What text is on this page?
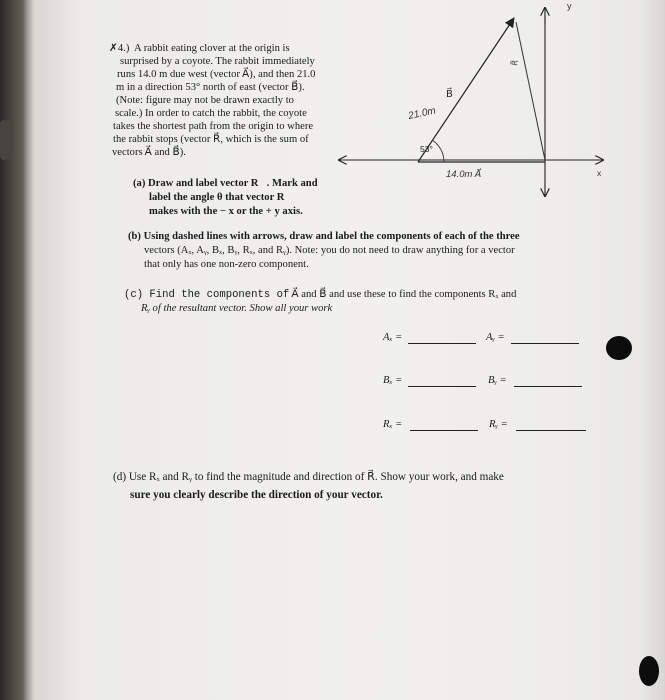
✗4.) A rabbit eating clover at the origin is
surprised by a coyote. The rabbit immediately
runs 14.0 m due west (vector A⃗), and then 21.0
m in a direction 53° north of east (vector B⃗).
(Note: figure may not be drawn exactly to
scale.) In order to catch the rabbit, the coyote
takes the shortest path from the origin to where
the rabbit stops (vector R⃗, which is the sum of
vectors A⃗ and B⃗).
(a) Draw and label vector R⃗. Mark and
label the angle θ that vector R⃗
makes with the − x or the + y axis.
(b) Using dashed lines with arrows, draw and label the components of each of the three
vectors (Aₓ, Aᵧ, Bₓ, Bᵧ, Rₓ, and Rᵧ). Note: you do not need to draw anything for a vector
that only has one non-zero component.
(c) Find the components of A⃗ and B⃗ and use these to find the components Rₓ and
Rᵧ of the resultant vector. Show all your work
Aₓ =	Aᵧ =
Bₓ =	Bᵧ =
Rₓ =	Rᵧ =
(d) Use Rₓ and Rᵧ to find the magnitude and direction of R⃗. Show your work, and make
sure you clearly describe the direction of your vector.
y
x
B⃗
21.0m
53°
14.0m A⃗
R⃗
